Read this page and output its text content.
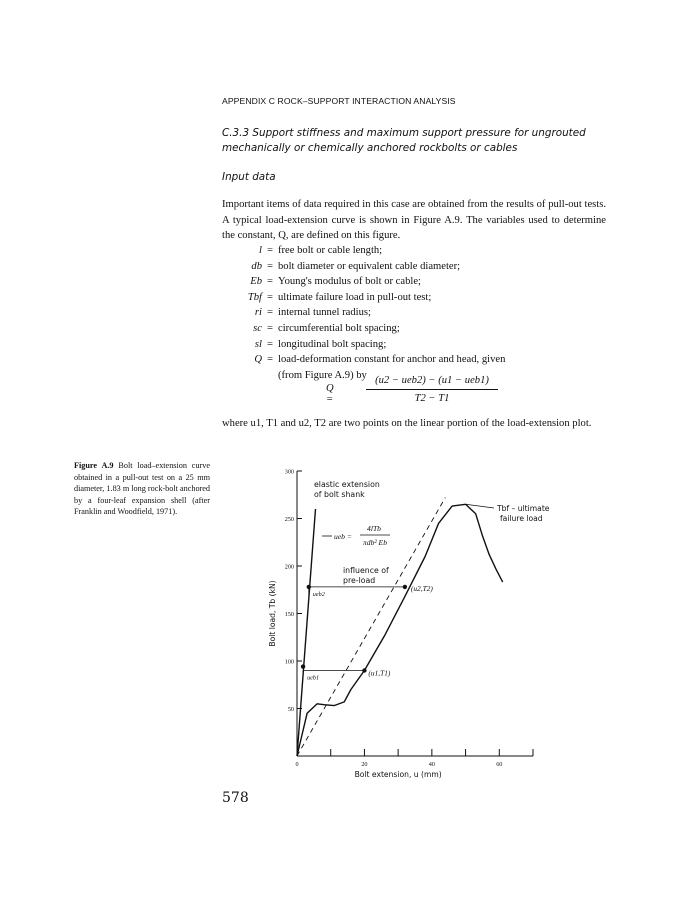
APPENDIX C ROCK–SUPPORT INTERACTION ANALYSIS
C.3.3 Support stiffness and maximum support pressure for ungrouted mechanically or chemically anchored rockbolts or cables
Input data
Important items of data required in this case are obtained from the results of pull-out tests. A typical load-extension curve is shown in Figure A.9. The variables used to determine the constant, Q, are defined on this figure.
l = free bolt or cable length;
db = bolt diameter or equivalent cable diameter;
Eb = Young's modulus of bolt or cable;
Tbf = ultimate failure load in pull-out test;
ri = internal tunnel radius;
sc = circumferential bolt spacing;
sl = longitudinal bolt spacing;
Q = load-deformation constant for anchor and head, given
(from Figure A.9) by
Q =
(u2 − ueb2) − (u1 − ueb1)
T2 − T1
where u1, T1 and u2, T2 are two points on the linear portion of the load-extension plot.
Figure A.9 Bolt load–extension curve obtained in a pull-out test on a 25 mm diameter, 1.83 m long rock-bolt anchored by a four-leaf expansion shell (after Franklin and Woodfield, 1971).
50
100
150
200
250
300
0	20	40	60
Bolt extension, u (mm)
Bolt load, Tb (kN)
(u1,T1)
(u2,T2)
ueb1
ueb2
elastic extension
of bolt shank
influence of
pre-load
Tbf – ultimate
failure load
ueb =
4lTb
πdb² Eb
578
